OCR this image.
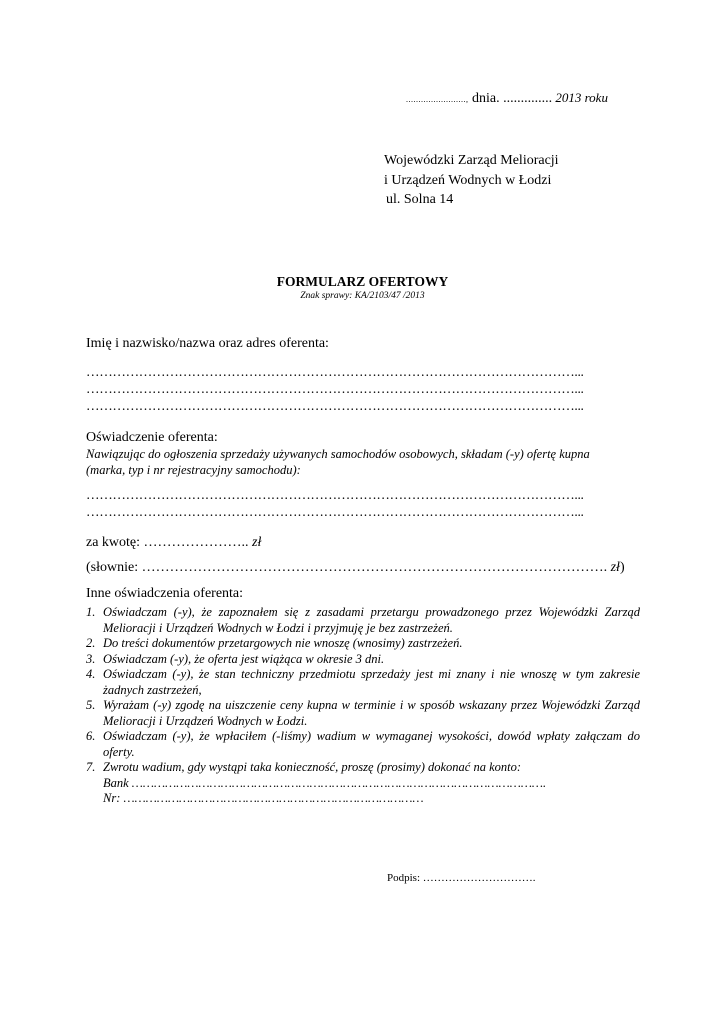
........................, dnia. .............. 2013 roku
Wojewódzki Zarząd Melioracji
i Urządzeń Wodnych w Łodzi
ul. Solna 14
FORMULARZ OFERTOWY
Znak sprawy: KA/2103/47 /2013
Imię i nazwisko/nazwa oraz adres oferenta:
…………………………………………………………………………………………………...
…………………………………………………………………………………………………...
…………………………………………………………………………………………………...
Oświadczenie oferenta:
Nawiązując do ogłoszenia sprzedaży używanych samochodów osobowych, składam (-y) ofertę kupna
(marka, typ i nr rejestracyjny samochodu):
…………………………………………………………………………………………………...
…………………………………………………………………………………………………...
za kwotę: ………………….. zł
(słownie: ………………………………………………………………………………………. zł)
Inne oświadczenia oferenta:
1. Oświadczam (-y), że zapoznałem się z zasadami przetargu prowadzonego przez Wojewódzki Zarząd Melioracji i Urządzeń Wodnych w Łodzi i przyjmuję je bez zastrzeżeń.
2. Do treści dokumentów przetargowych nie wnoszę (wnosimy) zastrzeżeń.
3. Oświadczam (-y), że oferta jest wiążąca w okresie 3 dni.
4. Oświadczam (-y), że stan techniczny przedmiotu sprzedaży jest mi znany i nie wnoszę w tym zakresie żadnych zastrzeżeń,
5. Wyrażam (-y) zgodę na uiszczenie ceny kupna w terminie i w sposób wskazany przez Wojewódzki Zarząd Melioracji i Urządzeń Wodnych w Łodzi.
6. Oświadczam (-y), że wpłaciłem (-liśmy) wadium w wymaganej wysokości, dowód wpłaty załączam do oferty.
7. Zwrotu wadium, gdy wystąpi taka konieczność, proszę (prosimy) dokonać na konto:
Bank ………………………………………………………………………………………………….
Nr: ………………………………………………………………………
Podpis: ………………………….
